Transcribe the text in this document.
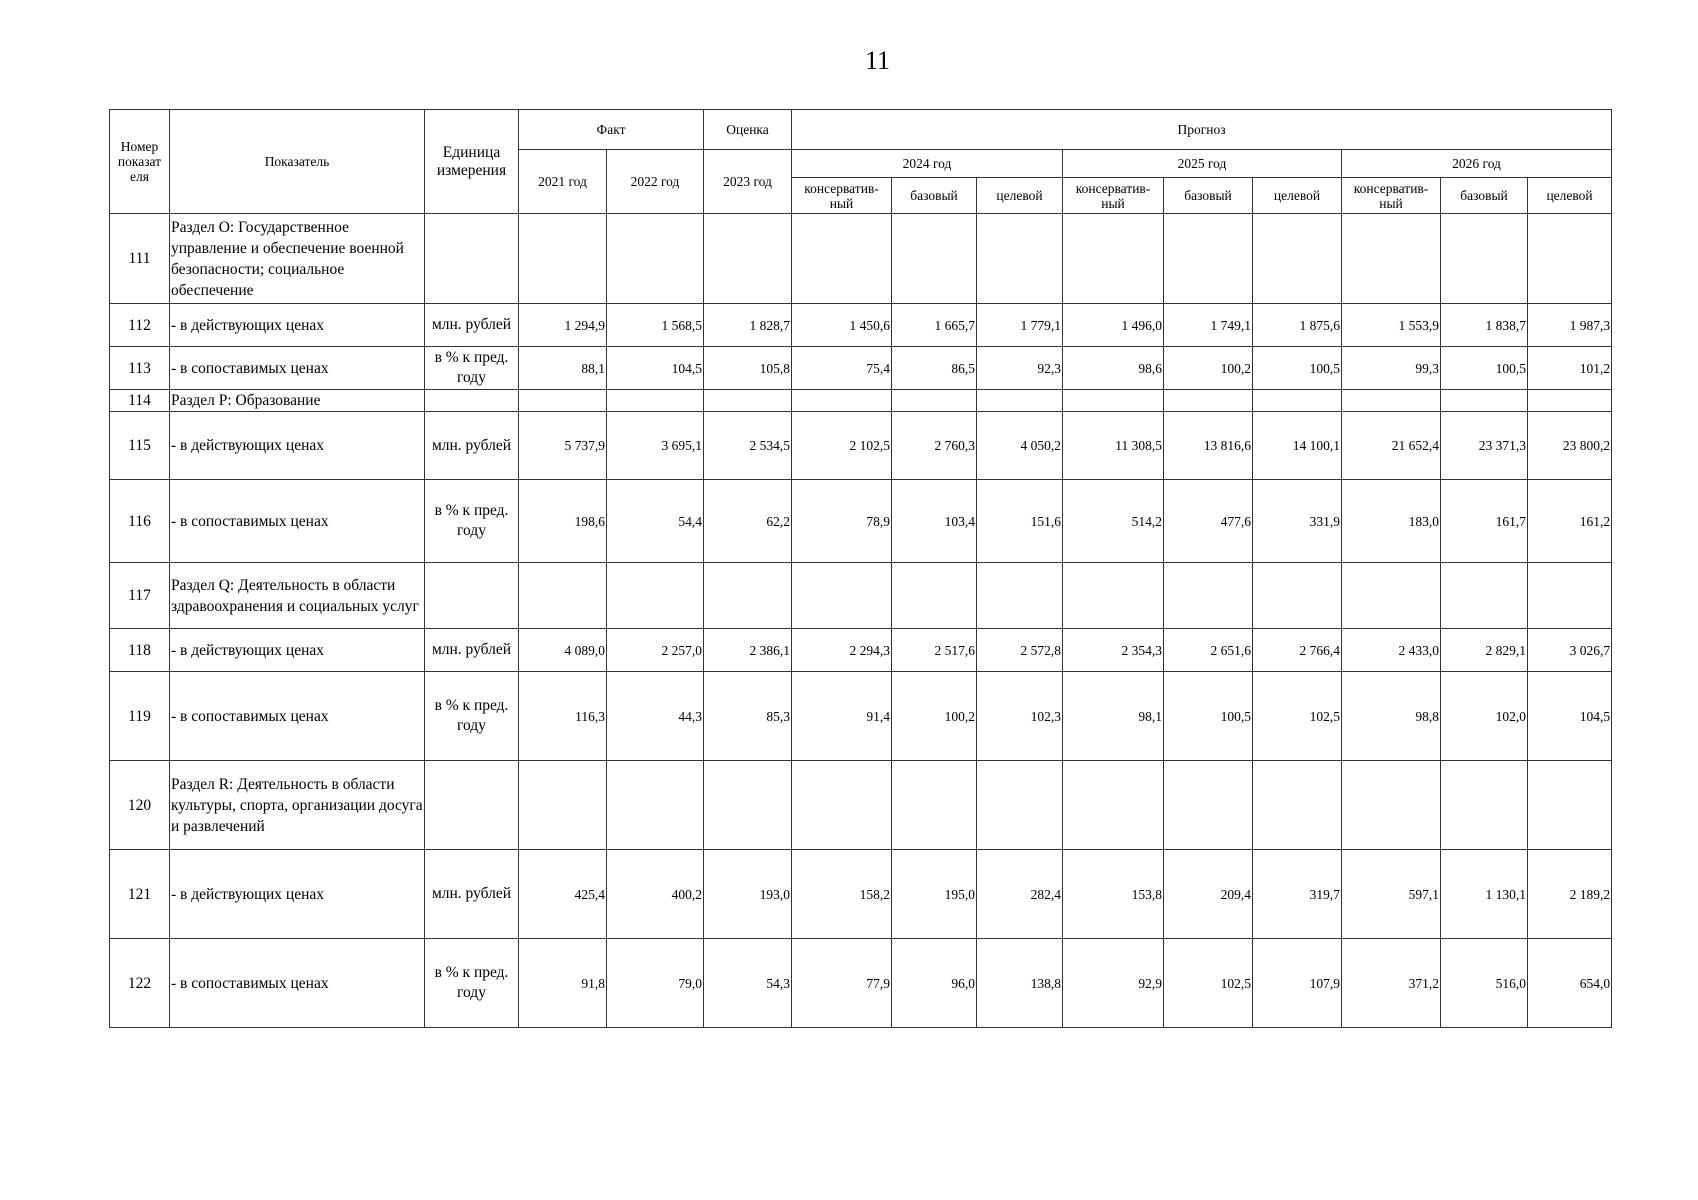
11
Номер показат еля	Показатель	Единица измерения	Факт		Оценка	Прогноз								
			2021 год	2022 год	2023 год	2024 год			2025 год			2026 год		
						консерватив-ный	базовый	целевой	консерватив-ный	базовый	целевой	консерватив-ный	базовый	целевой
111	Раздел О: Государственное управление и обеспечение военной безопасности; социальное обеспечение													
112	- в действующих ценах	млн. рублей	1 294,9	1 568,5	1 828,7	1 450,6	1 665,7	1 779,1	1 496,0	1 749,1	1 875,6	1 553,9	1 838,7	1 987,3
113	- в сопоставимых ценах	в % к пред. году	88,1	104,5	105,8	75,4	86,5	92,3	98,6	100,2	100,5	99,3	100,5	101,2
114	Раздел P: Образование													
115	- в действующих ценах	млн. рублей	5 737,9	3 695,1	2 534,5	2 102,5	2 760,3	4 050,2	11 308,5	13 816,6	14 100,1	21 652,4	23 371,3	23 800,2
116	- в сопоставимых ценах	в % к пред. году	198,6	54,4	62,2	78,9	103,4	151,6	514,2	477,6	331,9	183,0	161,7	161,2
117	Раздел Q: Деятельность в области здравоохранения и социальных услуг													
118	- в действующих ценах	млн. рублей	4 089,0	2 257,0	2 386,1	2 294,3	2 517,6	2 572,8	2 354,3	2 651,6	2 766,4	2 433,0	2 829,1	3 026,7
119	- в сопоставимых ценах	в % к пред. году	116,3	44,3	85,3	91,4	100,2	102,3	98,1	100,5	102,5	98,8	102,0	104,5
120	Раздел R: Деятельность в области культуры, спорта, организации досуга и развлечений													
121	- в действующих ценах	млн. рублей	425,4	400,2	193,0	158,2	195,0	282,4	153,8	209,4	319,7	597,1	1 130,1	2 189,2
122	- в сопоставимых ценах	в % к пред. году	91,8	79,0	54,3	77,9	96,0	138,8	92,9	102,5	107,9	371,2	516,0	654,0
